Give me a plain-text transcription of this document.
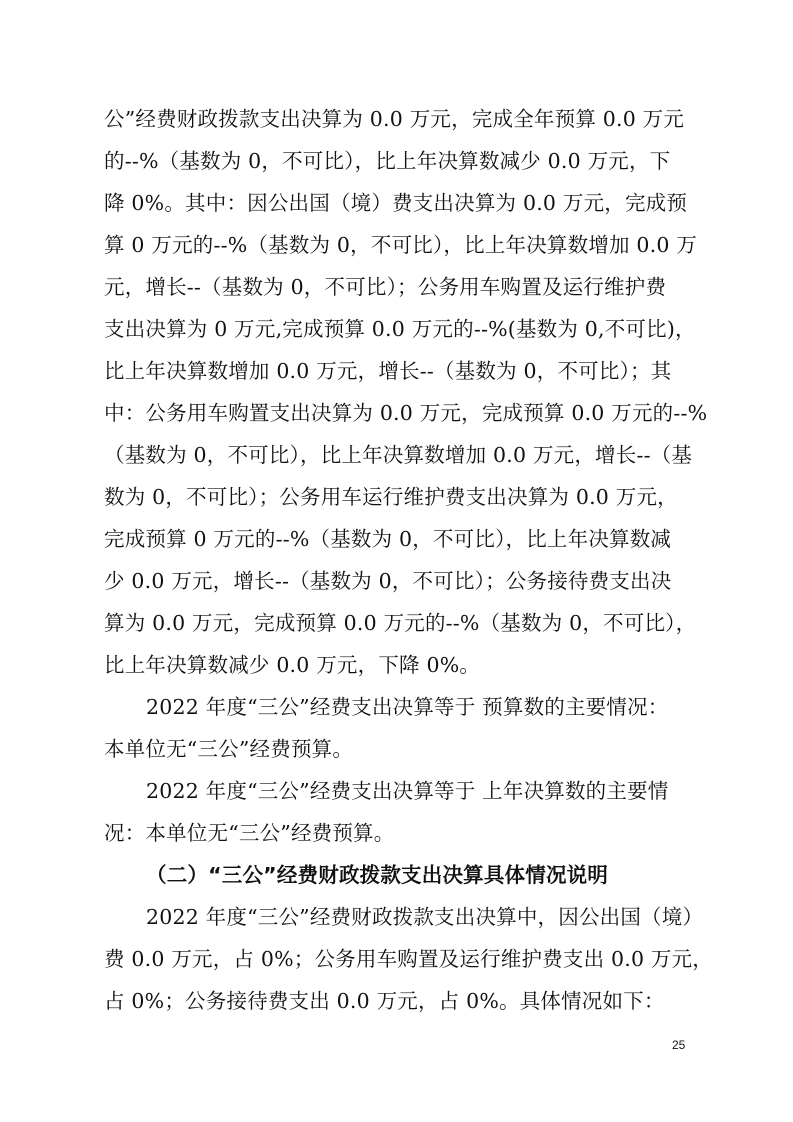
公”经费财政拨款支出决算为 0.0 万元，完成全年预算 0.0 万元
的--%（基数为 0，不可比），比上年决算数减少 0.0 万元，下
降 0%。其中：因公出国（境）费支出决算为 0.0 万元，完成预
算 0 万元的--%（基数为 0，不可比），比上年决算数增加 0.0 万
元，增长--（基数为 0，不可比）；公务用车购置及运行维护费
支出决算为 0 万元,完成预算 0.0 万元的--%(基数为 0,不可比)，
比上年决算数增加 0.0 万元，增长--（基数为 0，不可比）；其
中：公务用车购置支出决算为 0.0 万元，完成预算 0.0 万元的--%
（基数为 0，不可比），比上年决算数增加 0.0 万元，增长--（基
数为 0，不可比）；公务用车运行维护费支出决算为 0.0 万元，
完成预算 0 万元的--%（基数为 0，不可比），比上年决算数减
少 0.0 万元，增长--（基数为 0，不可比）；公务接待费支出决
算为 0.0 万元，完成预算 0.0 万元的--%（基数为 0，不可比），
比上年决算数减少 0.0 万元，下降 0%。
2022 年度“三公”经费支出决算等于 预算数的主要情况：
本单位无“三公”经费预算。
2022 年度“三公”经费支出决算等于 上年决算数的主要情
况：本单位无“三公”经费预算。
（二）“三公”经费财政拨款支出决算具体情况说明
2022 年度“三公”经费财政拨款支出决算中，因公出国（境）
费 0.0 万元，占 0%；公务用车购置及运行维护费支出 0.0 万元，
占 0%；公务接待费支出 0.0 万元，占 0%。具体情况如下：
25
